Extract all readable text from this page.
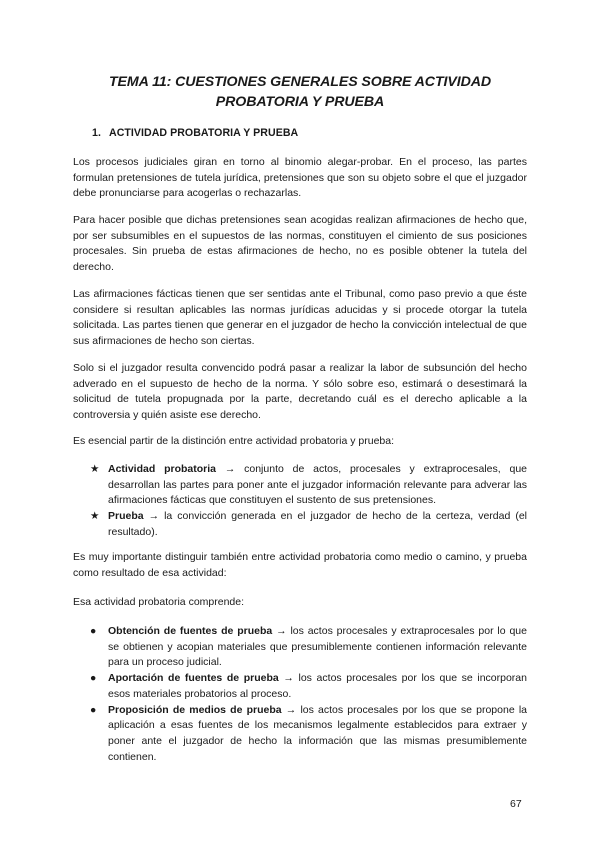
TEMA 11: CUESTIONES GENERALES SOBRE ACTIVIDAD
PROBATORIA Y PRUEBA
1. ACTIVIDAD PROBATORIA Y PRUEBA

Los procesos judiciales giran en torno al binomio alegar-probar. En el proceso, las partes formulan pretensiones de tutela jurídica, pretensiones que son su objeto sobre el que el juzgador debe pronunciarse para acogerlas o rechazarlas.

Para hacer posible que dichas pretensiones sean acogidas realizan afirmaciones de hecho que, por ser subsumibles en el supuestos de las normas, constituyen el cimiento de sus posiciones procesales. Sin prueba de estas afirmaciones de hecho, no es posible obtener la tutela del derecho.

Las afirmaciones fácticas tienen que ser sentidas ante el Tribunal, como paso previo a que éste considere si resultan aplicables las normas jurídicas aducidas y si procede otorgar la tutela solicitada. Las partes tienen que generar en el juzgador de hecho la convicción intelectual de que sus afirmaciones de hecho son ciertas.

Solo si el juzgador resulta convencido podrá pasar a realizar la labor de subsunción del hecho adverado en el supuesto de hecho de la norma. Y sólo sobre eso, estimará o desestimará la solicitud de tutela propugnada por la parte, decretando cuál es el derecho aplicable a la controversia y quién asiste ese derecho.

Es esencial partir de la distinción entre actividad probatoria y prueba:

★ Actividad probatoria → conjunto de actos, procesales y extraprocesales, que desarrollan las partes para poner ante el juzgador información relevante para adverar las afirmaciones fácticas que constituyen el sustento de sus pretensiones.
★ Prueba → la convicción generada en el juzgador de hecho de la certeza, verdad (el resultado).

Es muy importante distinguir también entre actividad probatoria como medio o camino, y prueba como resultado de esa actividad:

Esa actividad probatoria comprende:

●	Obtención de fuentes de prueba → los actos procesales y extraprocesales por lo que se obtienen y acopian materiales que presumiblemente contienen información relevante para un proceso judicial.
●	Aportación de fuentes de prueba → los actos procesales por los que se incorporan esos materiales probatorios al proceso.
●	Proposición de medios de prueba → los actos procesales por los que se propone la aplicación a esas fuentes de los mecanismos legalmente establecidos para extraer y poner ante el juzgador de hecho la información que las mismas presumiblemente contienen.
67
